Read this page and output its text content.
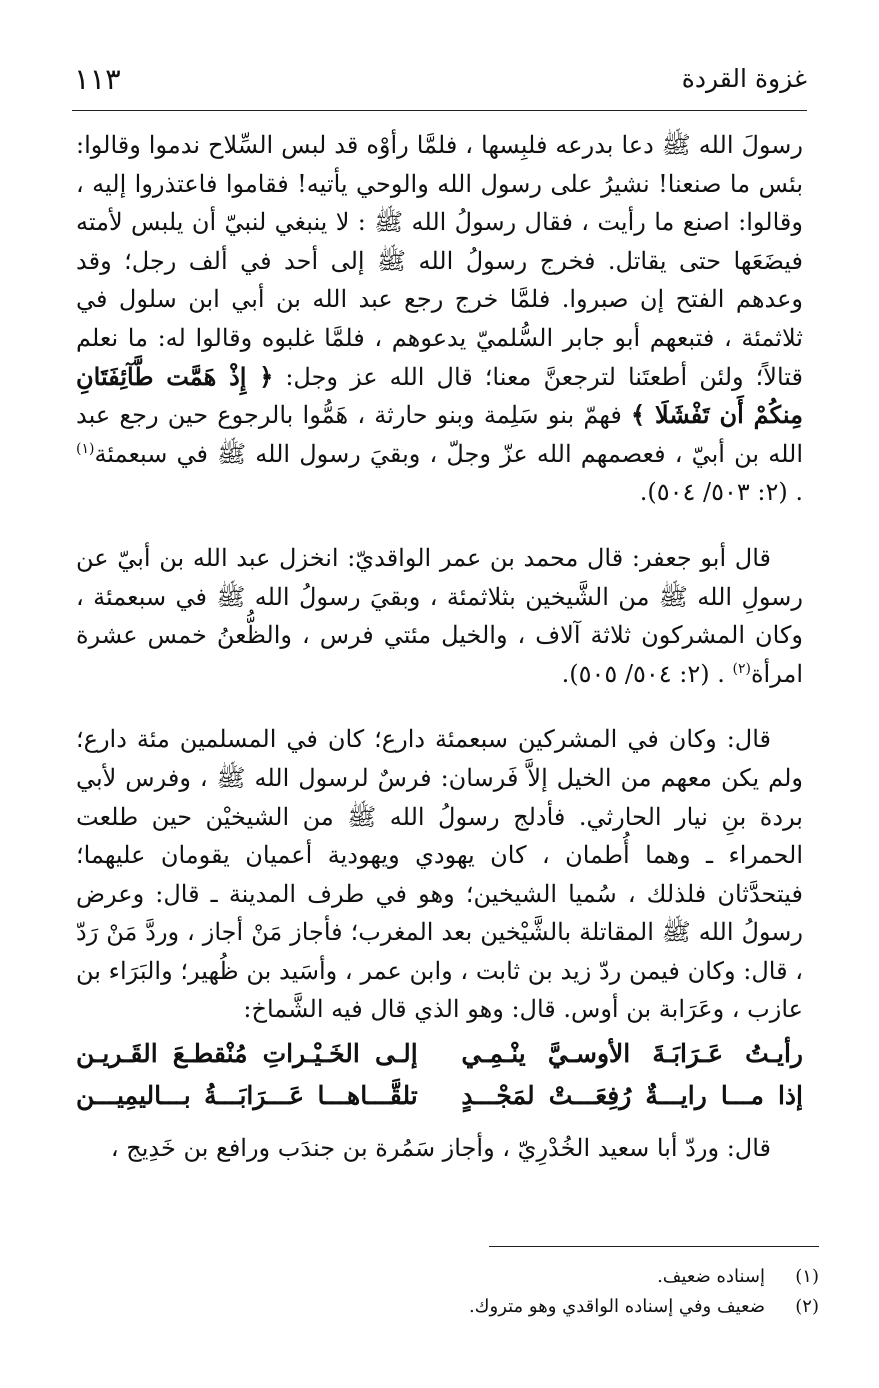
غزوة القردة
١١٣

رسولَ الله ﷺ دعا بدرعه فلبِسها ، فلمَّا رأوْه قد لبس السِّلاح ندموا وقالوا: بئس ما صنعنا! نشيرُ على رسول الله والوحي يأتيه! فقاموا فاعتذروا إليه ، وقالوا: اصنع ما رأيت ، فقال رسولُ الله ﷺ : لا ينبغي لنبيّ أن يلبس لأمته فيضَعَها حتى يقاتل. فخرج رسولُ الله ﷺ إلى أحد في ألف رجل؛ وقد وعدهم الفتح إن صبروا. فلمَّا خرج رجع عبد الله بن أبي ابن سلول في ثلاثمئة ، فتبعهم أبو جابر السُّلميّ يدعوهم ، فلمَّا غلبوه وقالوا له: ما نعلم قتالاً؛ ولئن أطعتَنا لترجعنَّ معنا؛ قال الله عز وجل: ﴿ إِذْ هَمَّت طَّآئِفَتَانِ مِنكُمْ أَن تَفْشَلَا ﴾ فهمّ بنو سَلِمة وبنو حارثة ، هَمُّوا بالرجوع حين رجع عبد الله بن أبيّ ، فعصمهم الله عزّ وجلّ ، وبقيَ رسول الله ﷺ في سبعمئة$^{(١)}$ . (٢: ٥٠٣/ ٥٠٤).

قال أبو جعفر: قال محمد بن عمر الواقديّ: انخزل عبد الله بن أبيّ عن رسولِ الله ﷺ من الشَّيخين بثلاثمئة ، وبقيَ رسولُ الله ﷺ في سبعمئة ، وكان المشركون ثلاثة آلاف ، والخيل مئتي فرس ، والظُّعنُ خمس عشرة امرأة$^{(٢)}$ . (٢: ٥٠٤/ ٥٠٥).

قال: وكان في المشركين سبعمئة دارع؛ كان في المسلمين مئة دارع؛ ولم يكن معهم من الخيل إلاَّ فَرسان: فرسٌ لرسول الله ﷺ ، وفرس لأبي بردة بنِ نيار الحارثي. فأدلج رسولُ الله ﷺ من الشيخيْن حين طلعت الحمراء ـ وهما أُطمان ، كان يهودي ويهودية أعميان يقومان عليهما؛ فيتحدَّثان فلذلك ، سُميا الشيخين؛ وهو في طرف المدينة ـ قال: وعرض رسولُ الله ﷺ المقاتلة بالشَّيْخين بعد المغرب؛ فأجاز مَنْ أجاز ، وردَّ مَنْ رَدّ ، قال: وكان فيمن ردّ زيد بن ثابت ، وابن عمر ، وأسَيد بن ظُهير؛ والبَرَاء بن عازب ، وعَرَابة بن أوس. قال: وهو الذي قال فيه الشَّماخ:

رأيـتُ عَـرَابَـةَ الأوسـيَّ ينْـمِـي
إلـى الخَـيْـراتِ مُنْقطـعَ القَـريـن
إذا مـــا رايـــةٌ رُفِعَـــتْ لمَجْـــدٍ
تلقَّـــاهـــا عَـــرَابَـــةُ بـــاليمِيـــن

قال: وردّ أبا سعيد الخُدْرِيّ ، وأجاز سَمُرة بن جندَب ورافع بن خَدِيج ،

(١)
إسناده ضعيف.
(٢)
ضعيف وفي إسناده الواقدي وهو متروك.
